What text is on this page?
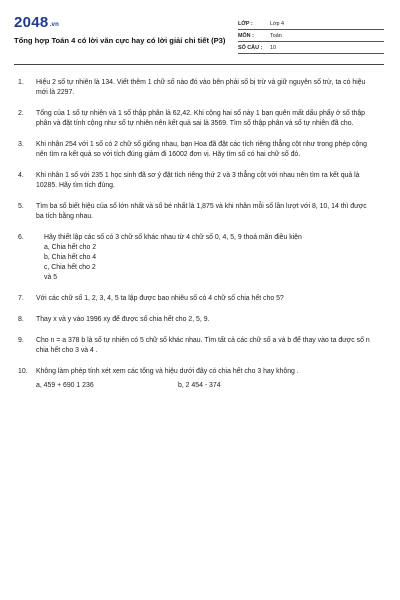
2048.vn
Tổng hợp Toán 4 có lời văn cực hay có lời giải chi tiết (P3)
LỚP :	Lớp 4
MÔN :	Toán
SỐ CÂU :	10
1.	Hiệu 2 số tự nhiên là 134. Viết thêm 1 chữ số nào đó vào bên phải số bị trừ và giữ nguyên số trừ, ta có hiệu mới là 2297.
2.	Tổng của 1 số tự nhiên và 1 số thập phân là 62,42. Khi cộng hai số này 1 bạn quên mất dấu phẩy ở số thập phân và đặt tính cộng như số tự nhiên nên kết quả sai là 3569. Tìm số thập phân và số tự nhiên đã cho.
3.	Khi nhân 254 với 1 số có 2 chữ số giống nhau, bạn Hoa đã đặt các tích riêng thẳng cột như trong phép cộng nên tìm ra kết quả so với tích đúng giảm đi 16002 đơn vị. Hãy tìm số có hai chữ số đó.
4.	Khi nhân 1 số với 235 1 học sinh đã sơ ý đặt tích riêng thứ 2 và 3 thẳng cột với nhau nên tìm ra kết quả là 10285. Hãy tìm tích đúng.
5.	Tìm ba số biết hiệu của số lớn nhất và số bé nhất là 1,875 và khi nhân mỗi số lần lượt với 8, 10, 14 thì được ba tích bằng nhau.
6.	Hãy thiết lập các số có 3 chữ số khác nhau từ 4 chữ số 0, 4, 5, 9 thoả mãn điều kiện
a, Chia hết cho 2
b, Chia hết cho 4
c, Chia hết cho 2
và 5
7.	Với các chữ số 1, 2, 3, 4, 5 ta lập được bao nhiêu số có 4 chữ số chia hết cho 5?
8.	Thay x và y vào 1996 xy để được số chia hết cho 2, 5, 9.
9.	Cho n = a 378 b là số tự nhiên có 5 chữ số khác nhau. Tìm tất cả các chữ số a và b để thay vào ta được số n chia hết cho 3 và 4 .
10.	Không làm phép tính xét xem các tổng và hiệu dưới đây có chia hết cho 3 hay không .
a, 459 + 690 1 236	b, 2 454 - 374
